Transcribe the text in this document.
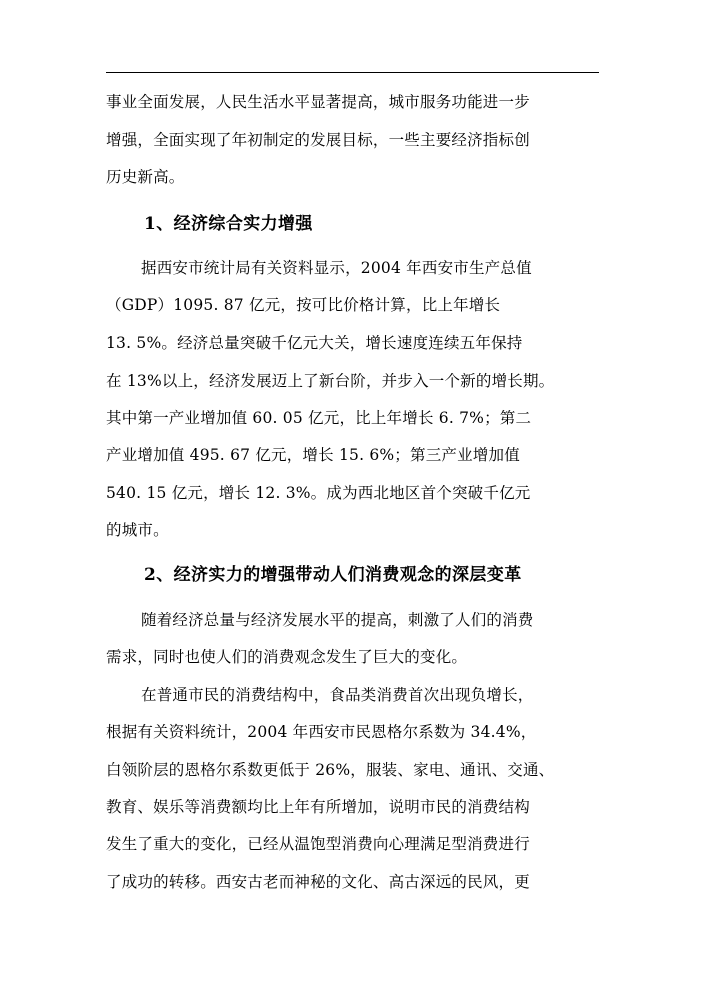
事业全面发展，人民生活水平显著提高，城市服务功能进一步
增强，全面实现了年初制定的发展目标，一些主要经济指标创
历史新高。
1、经济综合实力增强
据西安市统计局有关资料显示，2004 年西安市生产总值
（GDP）1095. 87 亿元，按可比价格计算，比上年增长
13. 5%。经济总量突破千亿元大关，增长速度连续五年保持
在 13%以上，经济发展迈上了新台阶，并步入一个新的增长期。
其中第一产业增加值 60. 05 亿元，比上年增长 6. 7%；第二
产业增加值 495. 67 亿元，增长 15. 6%；第三产业增加值
540. 15 亿元，增长 12. 3%。成为西北地区首个突破千亿元
的城市。
2、经济实力的增强带动人们消费观念的深层变革
随着经济总量与经济发展水平的提高，刺激了人们的消费
需求，同时也使人们的消费观念发生了巨大的变化。
在普通市民的消费结构中，食品类消费首次出现负增长，
根据有关资料统计，2004 年西安市民恩格尔系数为 34.4%，
白领阶层的恩格尔系数更低于 26%，服装、家电、通讯、交通、
教育、娱乐等消费额均比上年有所增加，说明市民的消费结构
发生了重大的变化，已经从温饱型消费向心理满足型消费进行
了成功的转移。西安古老而神秘的文化、高古深远的民风，更
